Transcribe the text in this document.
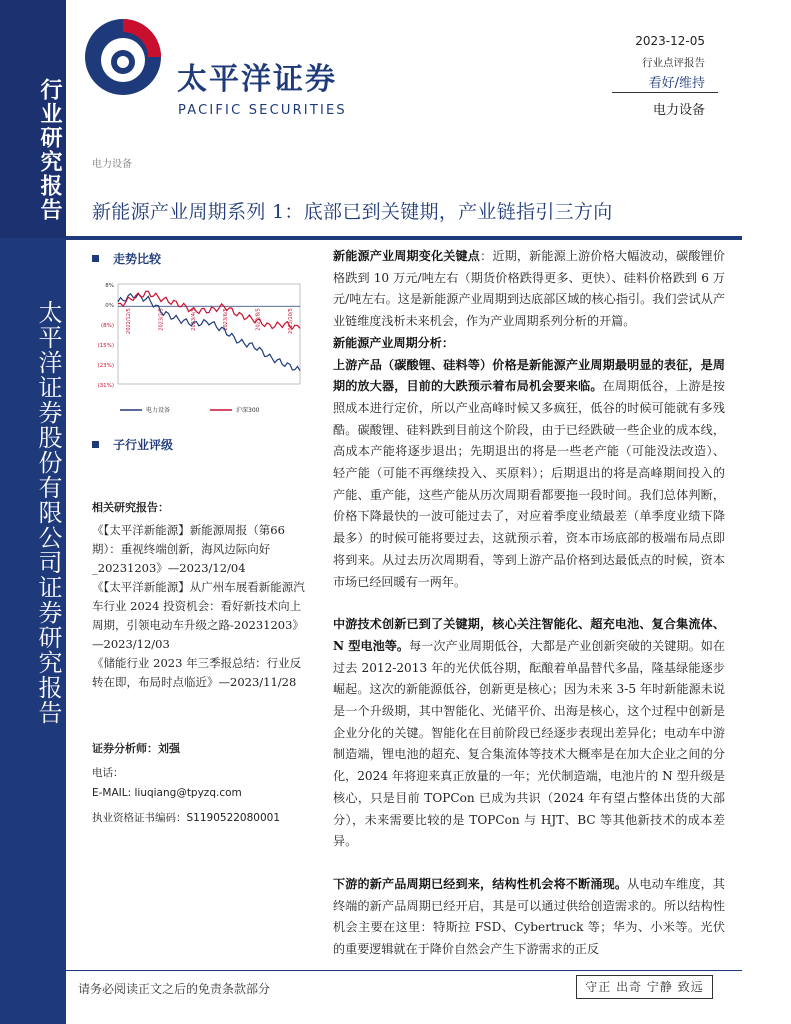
行业研究报告
太平洋证券股份有限公司证券研究报告
太平洋证券
PACIFIC SECURITIES
2023-12-05
行业点评报告
看好/维持
电力设备
电力设备
新能源产业周期系列 1：底部已到关键期，产业链指引三方向
走势比较
8%
0%
(8%)
(15%)
(23%)
(31%)
2022/12/5	2023/2/5	2023/4/5	2023/6/5	2023/8/5	2023/10/5
电力设备	沪深300
子行业评级
相关研究报告：

《【太平洋新能源】新能源周报（第66期）：重视终端创新，海风边际向好_20231203》—2023/12/04

《【太平洋新能源】从广州车展看新能源汽车行业 2024 投资机会：看好新技术向上周期，引领电动车升级之路-20231203》—2023/12/03

《储能行业 2023 年三季报总结：行业反转在即，布局时点临近》—2023/11/28

证券分析师：刘强
电话：
E-MAIL: liuqiang@tpyzq.com
执业资格证书编码：S1190522080001

新能源产业周期变化关键点：近期，新能源上游价格大幅波动，碳酸锂价格跌到 10 万元/吨左右（期货价格跌得更多、更快）、硅料价格跌到 6 万元/吨左右。这是新能源产业周期到达底部区域的核心指引。我们尝试从产业链维度浅析未来机会，作为产业周期系列分析的开篇。

新能源产业周期分析：

上游产品（碳酸锂、硅料等）价格是新能源产业周期最明显的表征，是周期的放大器，目前的大跌预示着布局机会要来临。在周期低谷，上游是按照成本进行定价，所以产业高峰时候又多疯狂，低谷的时候可能就有多残酷。碳酸锂、硅料跌到目前这个阶段，由于已经跌破一些企业的成本线，高成本产能将逐步退出；先期退出的将是一些老产能（可能没法改造）、轻产能（可能不再继续投入、买原料）；后期退出的将是高峰期间投入的产能、重产能，这些产能从历次周期看都要拖一段时间。我们总体判断，价格下降最快的一波可能过去了，对应着季度业绩最差（单季度业绩下降最多）的时候可能将要过去，这就预示着，资本市场底部的极端布局点即将到来。从过去历次周期看，等到上游产品价格到达最低点的时候，资本市场已经回暖有一两年。

中游技术创新已到了关键期，核心关注智能化、超充电池、复合集流体、N 型电池等。每一次产业周期低谷，大都是产业创新突破的关键期。如在过去 2012-2013 年的光伏低谷期，酝酿着单晶替代多晶，隆基绿能逐步崛起。这次的新能源低谷，创新更是核心；因为未来 3-5 年时新能源未说是一个升级期，其中智能化、光储平价、出海是核心，这个过程中创新是企业分化的关键。智能化在目前阶段已经逐步表现出差异化；电动车中游制造端，锂电池的超充、复合集流体等技术大概率是在加大企业之间的分化，2024 年将迎来真正放量的一年；光伏制造端，电池片的 N 型升级是核心，只是目前 TOPCon 已成为共识（2024 年有望占整体出货的大部分），未来需要比较的是 TOPCon 与 HJT、BC 等其他新技术的成本差异。

下游的新产品周期已经到来，结构性机会将不断涌现。从电动车维度，其终端的新产品周期已经开启，其是可以通过供给创造需求的。所以结构性机会主要在这里：特斯拉 FSD、Cybertruck 等；华为、小米等。光伏的重要逻辑就在于降价自然会产生下游需求的正反

请务必阅读正文之后的免责条款部分	守正 出奇 宁静 致远
